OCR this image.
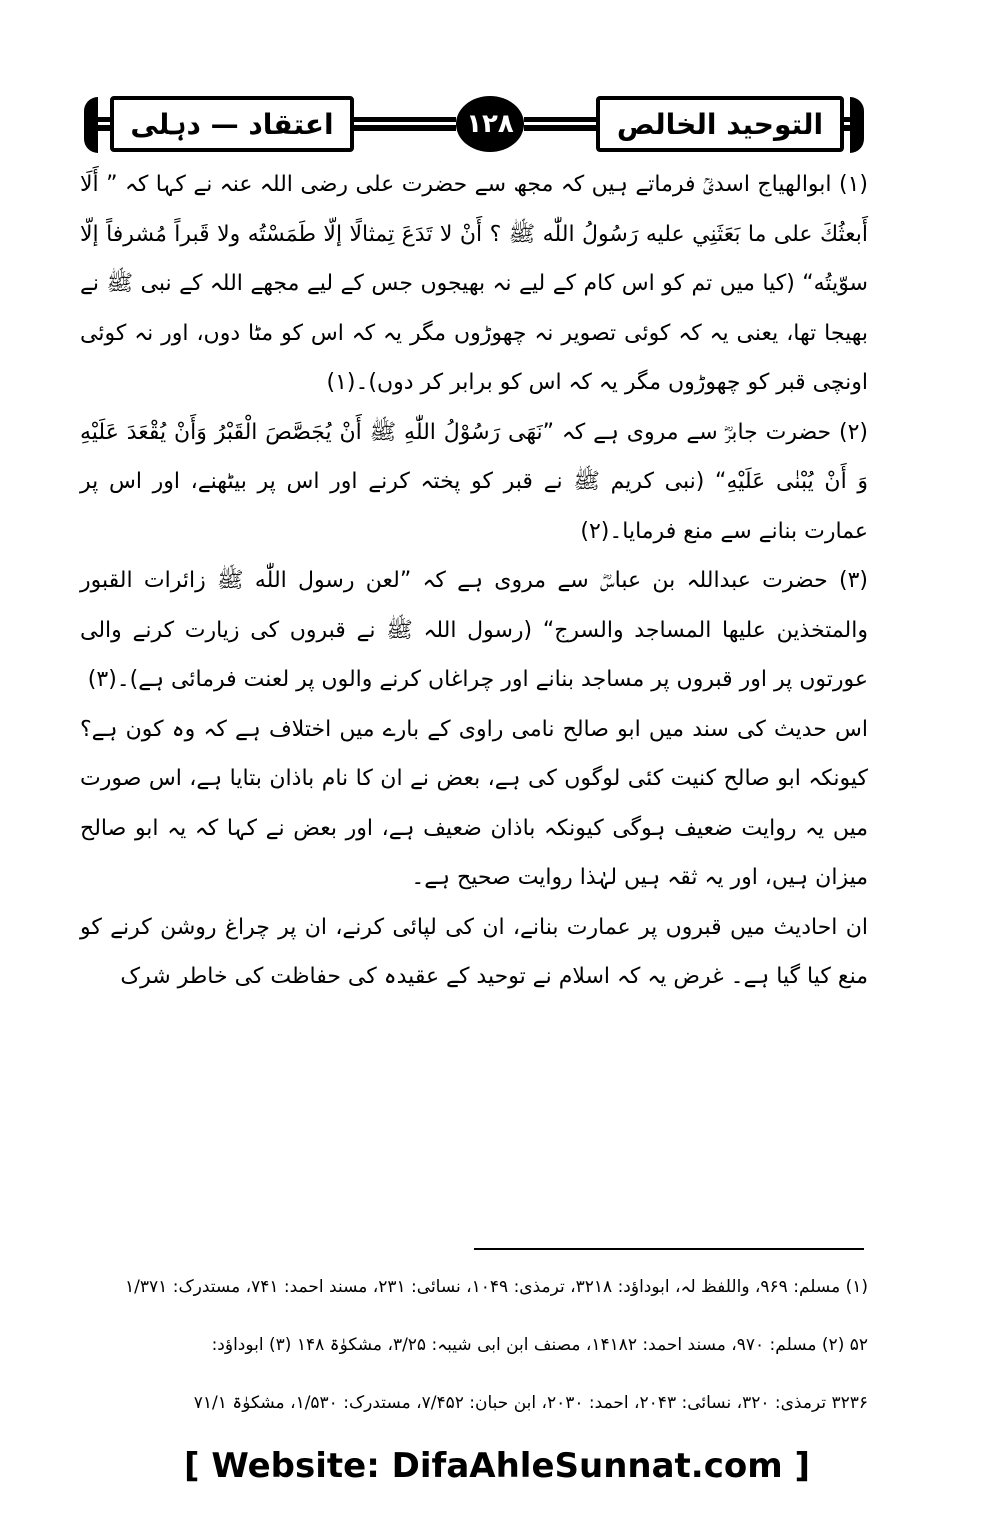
اعتقاد — دہلی	۱۲۸	التوحید الخالص

(۱) ابوالھیاج اسدیؒ فرماتے ہیں کہ مجھ سے حضرت علی رضی اللہ عنہ نے کہا کہ ” أَلَا أَبعثُكَ علی ما بَعَثَنِي علیه رَسُولُ اللّٰه ﷺ ؟ أَنْ لا تَدَعَ تِمثالًا إلّا طَمَسْتُه ولا قَبراً مُشرفاً إلّا سوّیتُه“ (کیا میں تم کو اس کام کے لیے نہ بھیجوں جس کے لیے مجھے اللہ کے نبی ﷺ نے بھیجا تھا، یعنی یہ کہ کوئی تصویر نہ چھوڑوں مگر یہ کہ اس کو مٹا دوں، اور نہ کوئی اونچی قبر کو چھوڑوں مگر یہ کہ اس کو برابر کر دوں)۔(۱)

(۲) حضرت جابرؓ سے مروی ہے کہ ”نَهَى رَسُوْلُ اللّٰهِ ﷺ أَنْ يُجَصَّصَ الْقَبْرُ وَأَنْ يُقْعَدَ عَلَيْهِ وَ أَنْ يُبْنٰى عَلَيْهِ“ (نبی کریم ﷺ نے قبر کو پختہ کرنے اور اس پر بیٹھنے، اور اس پر عمارت بنانے سے منع فرمایا۔(۲)

(۳) حضرت عبداللہ بن عباسؓ سے مروی ہے کہ ”لعن رسول اللّٰه ﷺ زائرات القبور والمتخذین علیها المساجد والسرج“ (رسول اللہ ﷺ نے قبروں کی زیارت کرنے والی عورتوں پر اور قبروں پر مساجد بنانے اور چراغاں کرنے والوں پر لعنت فرمائی ہے)۔(۳)

اس حدیث کی سند میں ابو صالح نامی راوی کے بارے میں اختلاف ہے کہ وہ کون ہے؟ کیونکہ ابو صالح کنیت کئی لوگوں کی ہے، بعض نے ان کا نام باذان بتایا ہے، اس صورت میں یہ روایت ضعیف ہوگی کیونکہ باذان ضعیف ہے، اور بعض نے کہا کہ یہ ابو صالح میزان ہیں، اور یہ ثقہ ہیں لہٰذا روایت صحیح ہے۔

ان احادیث میں قبروں پر عمارت بنانے، ان کی لپائی کرنے، ان پر چراغ روشن کرنے کو منع کیا گیا ہے۔ غرض یہ کہ اسلام نے توحید کے عقیدہ کی حفاظت کی خاطر شرک

(۱) مسلم: ۹۶۹، واللفظ لہ، ابوداؤد: ۳۲۱۸، ترمذی: ۱۰۴۹، نسائی: ۲۳۱، مسند احمد: ۷۴۱، مستدرک: ۱/۳۷۱

۵۲ (۲) مسلم: ۹۷۰، مسند احمد: ۱۴۱۸۲، مصنف ابن ابی شیبہ: ۳/۲۵، مشکوٰۃ ۱۴۸ (۳) ابوداؤد:

۳۲۳۶ ترمذی: ۳۲۰، نسائی: ۲۰۴۳، احمد: ۲۰۳۰، ابن حبان: ۷/۴۵۲، مستدرک: ۱/۵۳۰، مشکوٰۃ ۷۱/۱

[ Website: DifaAhleSunnat.com ]
